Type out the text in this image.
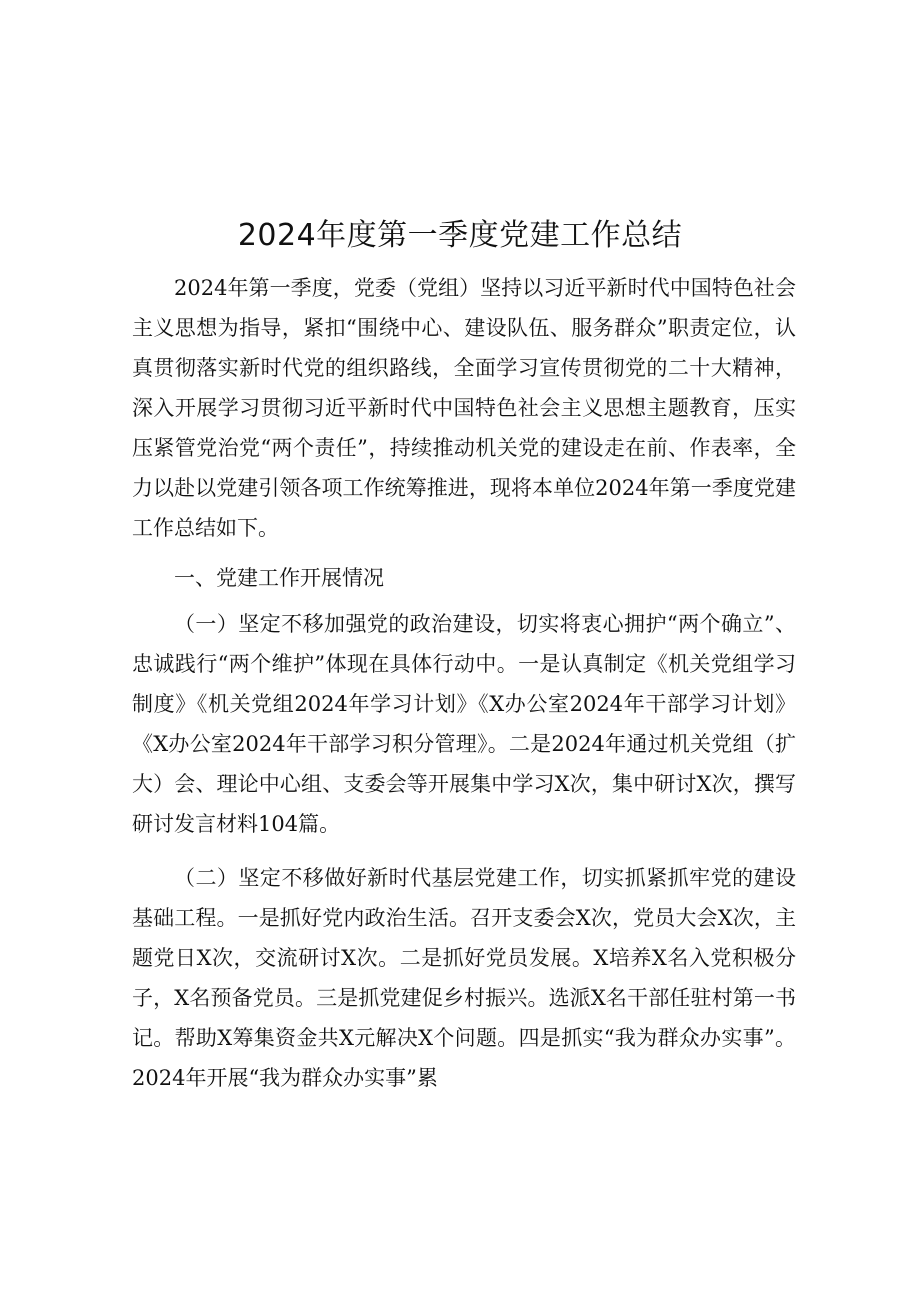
2024年度第一季度党建工作总结

2024年第一季度，党委（党组）坚持以习近平新时代中国特色社会主义思想为指导，紧扣“围绕中心、建设队伍、服务群众”职责定位，认真贯彻落实新时代党的组织路线，全面学习宣传贯彻党的二十大精神，深入开展学习贯彻习近平新时代中国特色社会主义思想主题教育，压实压紧管党治党“两个责任”，持续推动机关党的建设走在前、作表率，全力以赴以党建引领各项工作统筹推进，现将本单位2024年第一季度党建工作总结如下。

一、党建工作开展情况

（一）坚定不移加强党的政治建设，切实将衷心拥护“两个确立”、忠诚践行“两个维护”体现在具体行动中。一是认真制定《机关党组学习制度》《机关党组2024年学习计划》《X办公室2024年干部学习计划》《X办公室2024年干部学习积分管理》。二是2024年通过机关党组（扩大）会、理论中心组、支委会等开展集中学习X次，集中研讨X次，撰写研讨发言材料104篇。

（二）坚定不移做好新时代基层党建工作，切实抓紧抓牢党的建设基础工程。一是抓好党内政治生活。召开支委会X次，党员大会X次，主题党日X次，交流研讨X次。二是抓好党员发展。X培养X名入党积极分子，X名预备党员。三是抓党建促乡村振兴。选派X名干部任驻村第一书记。帮助X筹集资金共X元解决X个问题。四是抓实“我为群众办实事”。2024年开展“我为群众办实事”累
